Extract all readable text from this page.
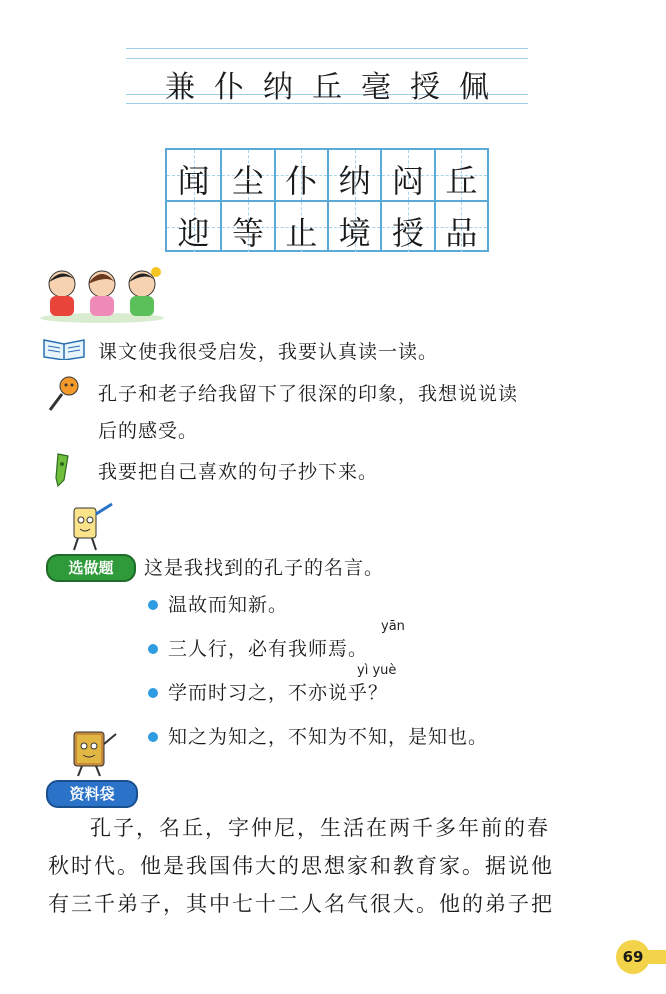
兼 仆 纳 丘 毫 授 佩
闻 尘 仆 纳 闷 丘
迎 等 止 境 授 品
课文使我很受启发，我要认真读一读。
孔子和老子给我留下了很深的印象，我想说说读
后的感受。
我要把自己喜欢的句子抄下来。
选做题	这是我找到的孔子的名言。
温故而知新。
yān
三人行，必有我师焉。
yì yuè
学而时习之，不亦说乎？
知之为知之，不知为不知，是知也。
资料袋
孔子，名丘，字仲尼，生活在两千多年前的春
秋时代。他是我国伟大的思想家和教育家。据说他
有三千弟子，其中七十二人名气很大。他的弟子把
69
